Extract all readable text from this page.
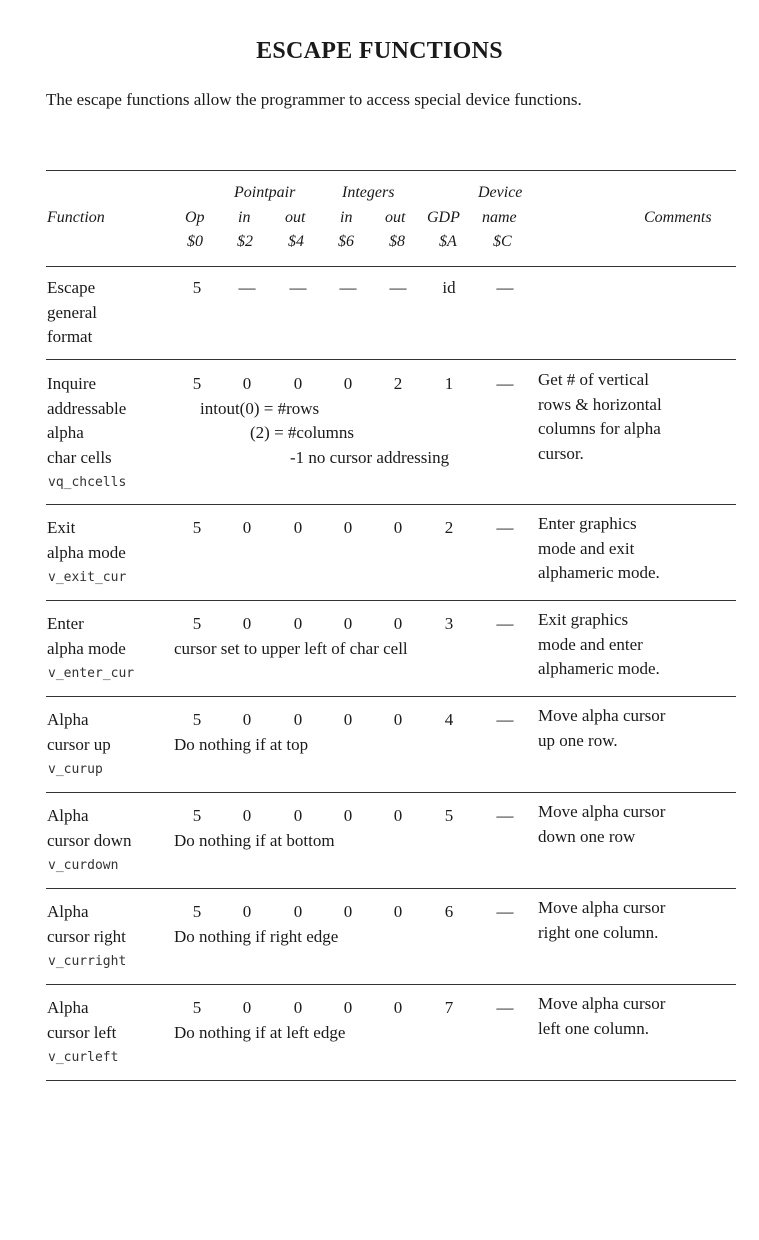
ESCAPE FUNCTIONS
The escape functions allow the programmer to access special device functions.
Pointpair	Integers	Device
Function	Op in out in out GDP name	Comments
$0 $2 $4 $6 $8 $A $C
Escape
general
format
5	—	—	—	—	id	—
Inquire
addressable
alpha
char cells
vq_chcells
5	0	0	0	2	1	—
intout(0) = #rows
(2) = #columns
-1 no cursor addressing
Get # of vertical
rows & horizontal
columns for alpha
cursor.
Exit
alpha mode
v_exit_cur
5	0	0	0	0	2	—	Enter graphics
mode and exit
alphameric mode.
Enter
alpha mode
v_enter_cur
5	0	0	0	0	3	—
cursor set to upper left of char cell
Exit graphics
mode and enter
alphameric mode.
Alpha
cursor up
v_curup
5	0	0	0	0	4	—
Do nothing if at top
Move alpha cursor
up one row.
Alpha
cursor down
v_curdown
5	0	0	0	0	5	—
Do nothing if at bottom
Move alpha cursor
down one row
Alpha
cursor right
v_curright
5	0	0	0	0	6	—
Do nothing if right edge
Move alpha cursor
right one column.
Alpha
cursor left
v_curleft
5	0	0	0	0	7	—
Do nothing if at left edge
Move alpha cursor
left one column.
